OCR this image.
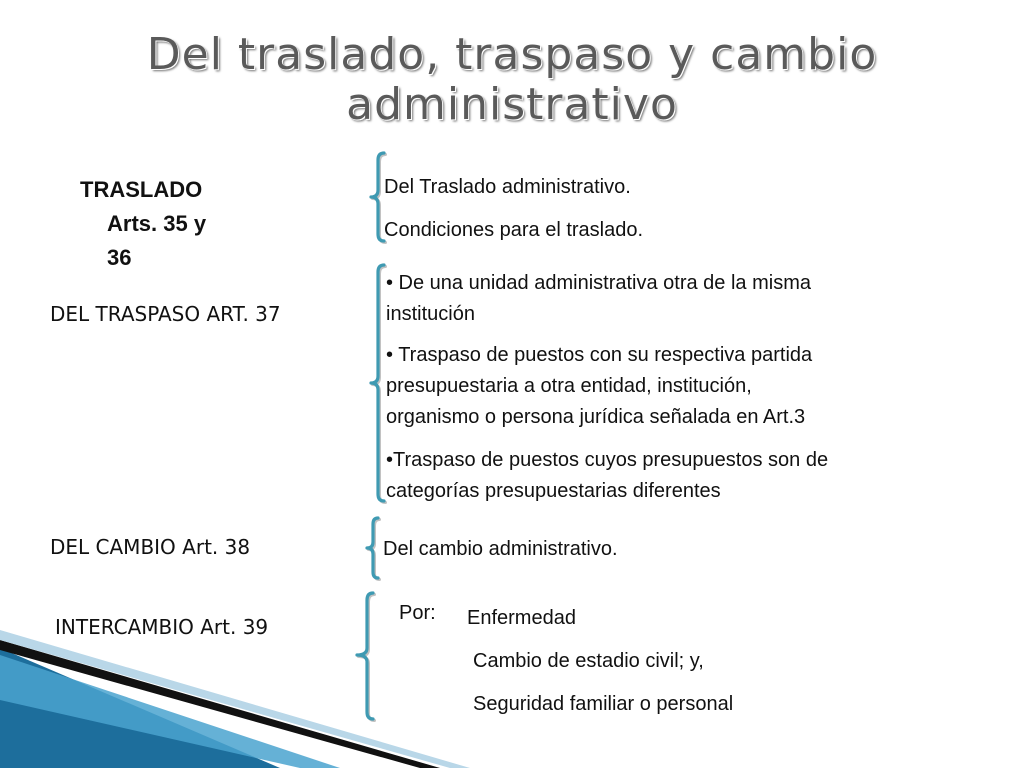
Del traslado, traspaso y cambio administrativo
TRASLADO
Arts. 35 y
36
Del Traslado administrativo.
Condiciones para el traslado.
DEL TRASPASO ART. 37
• De una unidad administrativa otra de la misma
institución
• Traspaso de puestos con su respectiva partida
presupuestaria a otra entidad, institución,
organismo o persona jurídica señalada en Art.3
•Traspaso de puestos cuyos presupuestos son de
categorías presupuestarias diferentes
DEL CAMBIO Art. 38	Del cambio administrativo.
INTERCAMBIO Art. 39
Por: Enfermedad
Cambio de estadio civil; y,
Seguridad familiar o personal
